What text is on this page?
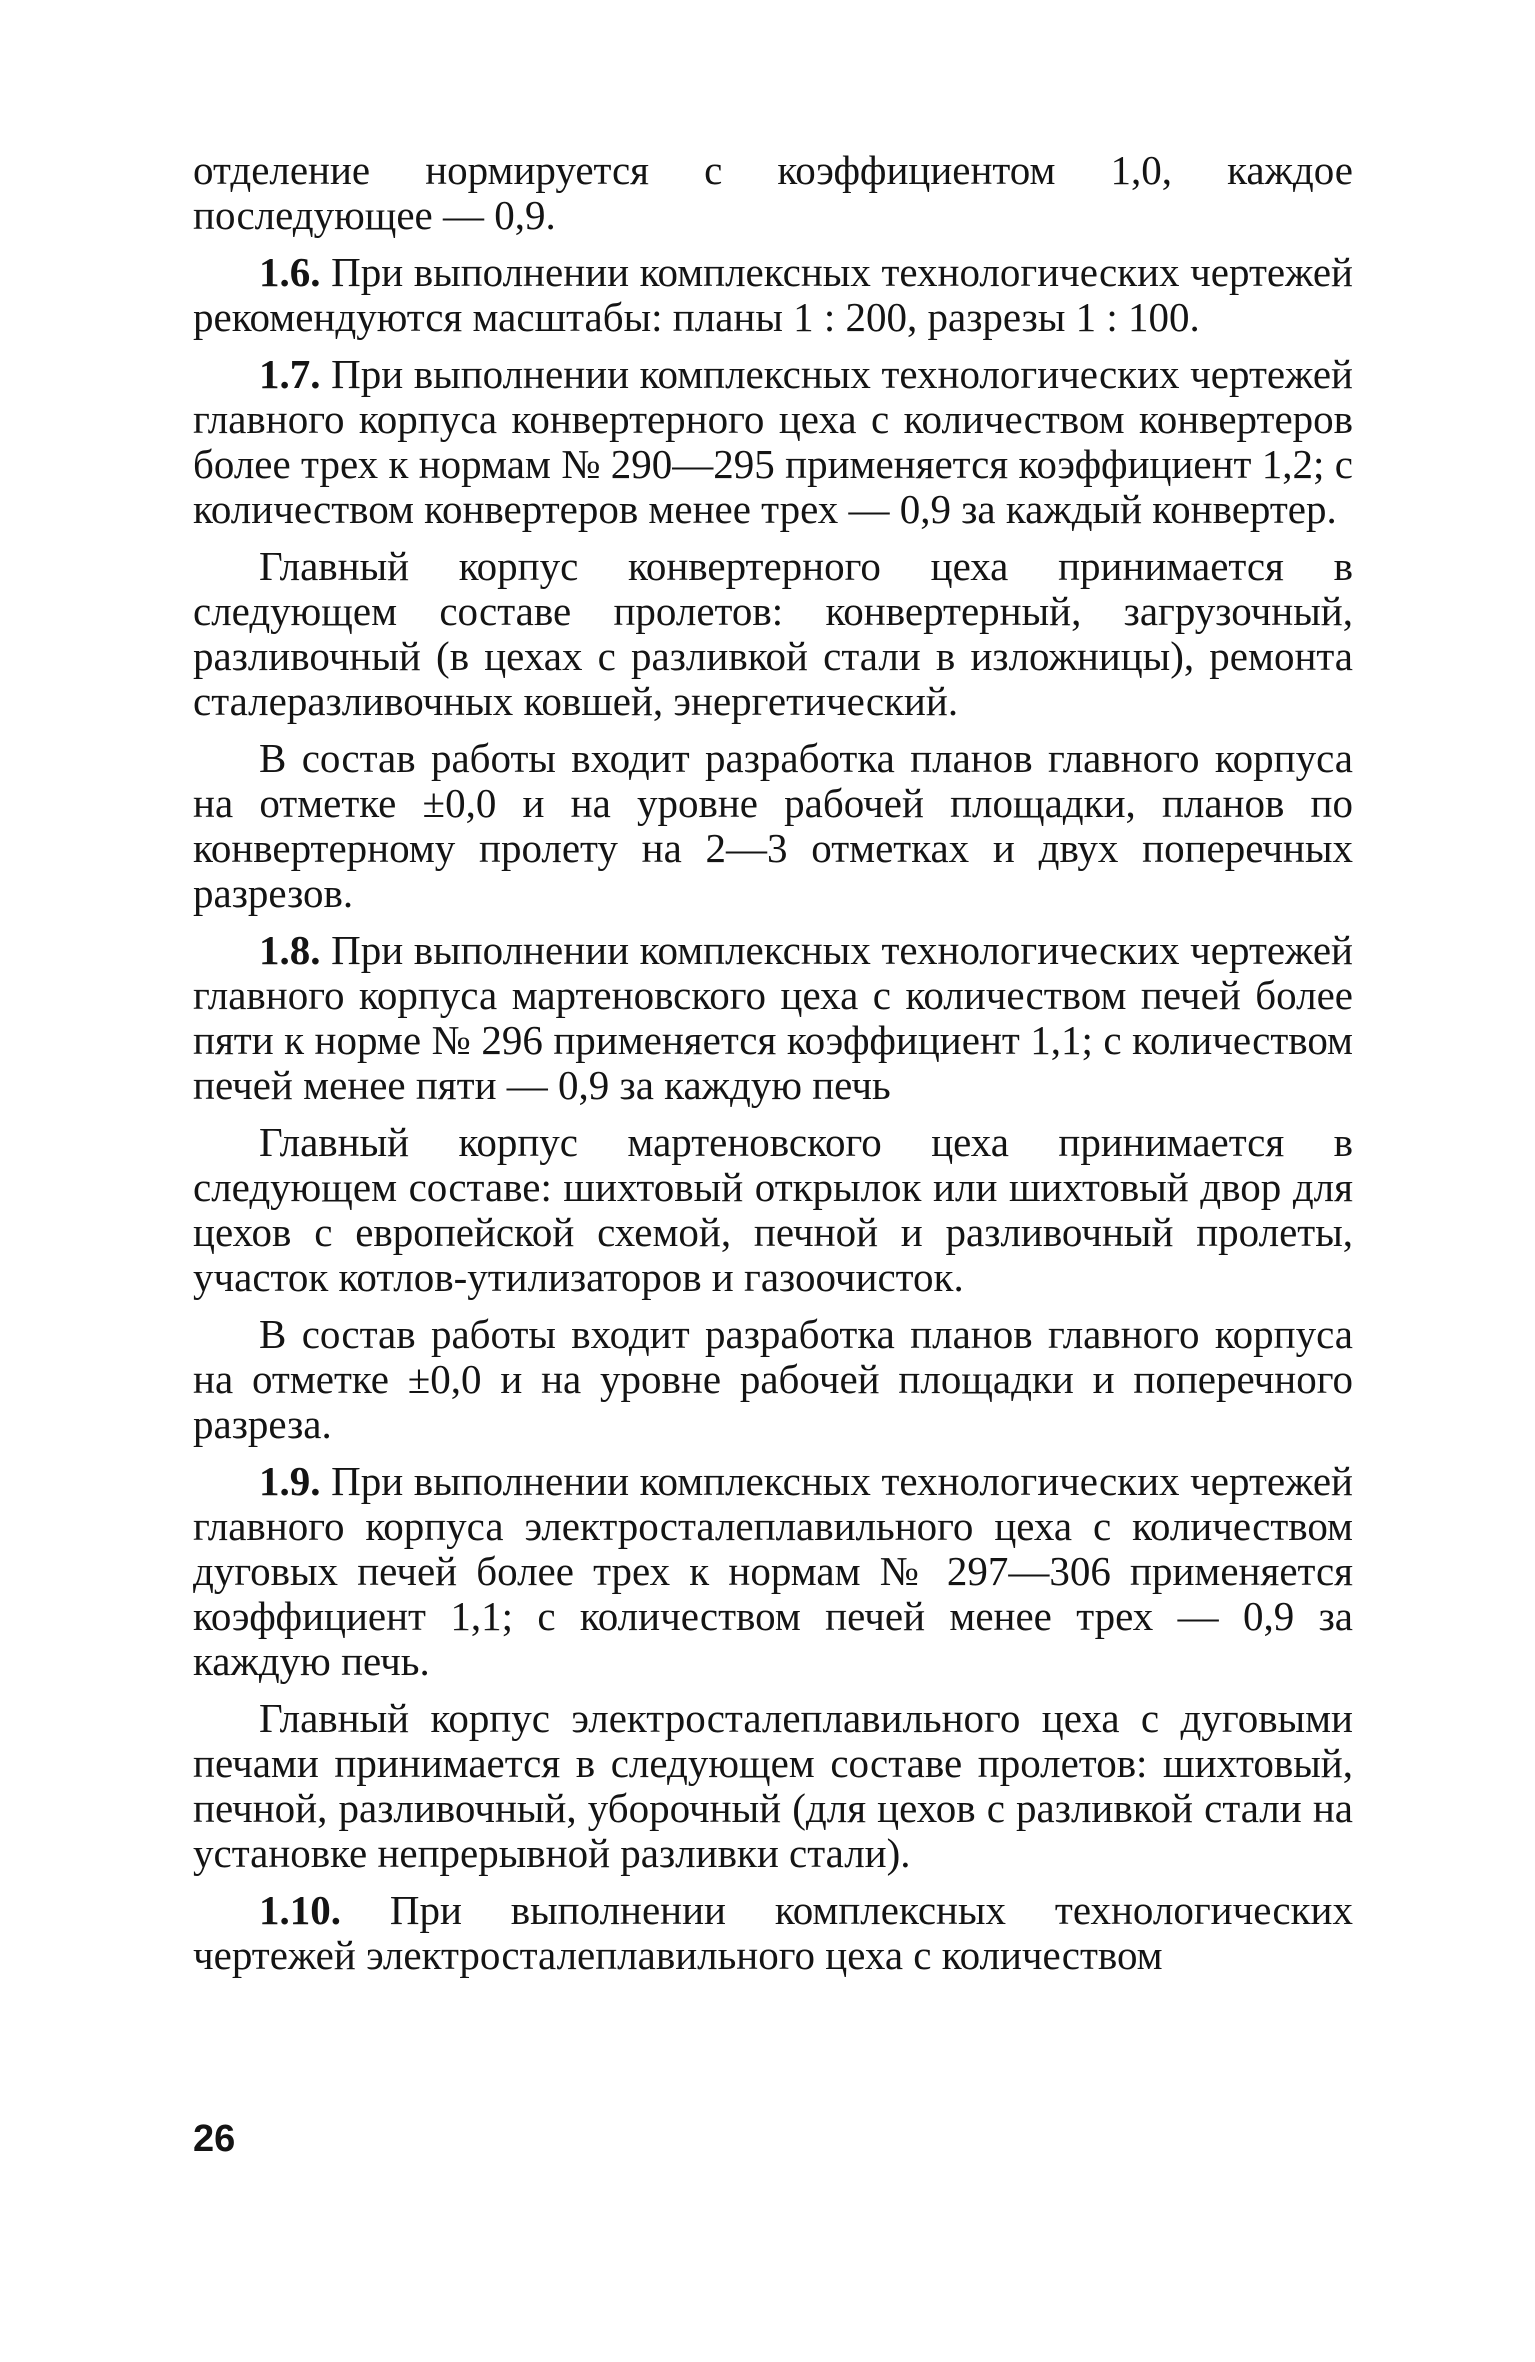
отделение нормируется с коэффициентом 1,0, каждое последующее — 0,9.

1.6. При выполнении комплексных технологических чертежей рекомендуются масштабы: планы 1 : 200, разрезы 1 : 100.

1.7. При выполнении комплексных технологических чертежей главного корпуса конвертерного цеха с количеством конвертеров более трех к нормам № 290—295 применяется коэффициент 1,2; с количеством конвертеров менее трех — 0,9 за каждый конвертер.

Главный корпус конвертерного цеха принимается в следующем составе пролетов: конвертерный, загрузочный, разливочный (в цехах с разливкой стали в изложницы), ремонта сталеразливочных ковшей, энергетический.

В состав работы входит разработка планов главного корпуса на отметке ±0,0 и на уровне рабочей площадки, планов по конвертерному пролету на 2—3 отметках и двух поперечных разрезов.

1.8. При выполнении комплексных технологических чертежей главного корпуса мартеновского цеха с количеством печей более пяти к норме № 296 применяется коэффициент 1,1; с количеством печей менее пяти — 0,9 за каждую печь

Главный корпус мартеновского цеха принимается в следующем составе: шихтовый открылок или шихтовый двор для цехов с европейской схемой, печной и разливочный пролеты, участок котлов-утилизаторов и газоочисток.

В состав работы входит разработка планов главного корпуса на отметке ±0,0 и на уровне рабочей площадки и поперечного разреза.

1.9. При выполнении комплексных технологических чертежей главного корпуса электросталеплавильного цеха с количеством дуговых печей более трех к нормам № 297—306 применяется коэффициент 1,1; с количеством печей менее трех — 0,9 за каждую печь.

Главный корпус электросталеплавильного цеха с дуговыми печами принимается в следующем составе пролетов: шихтовый, печной, разливочный, уборочный (для цехов с разливкой стали на установке непрерывной разливки стали).

1.10. При выполнении комплексных технологических чертежей электросталеплавильного цеха с количеством

26
